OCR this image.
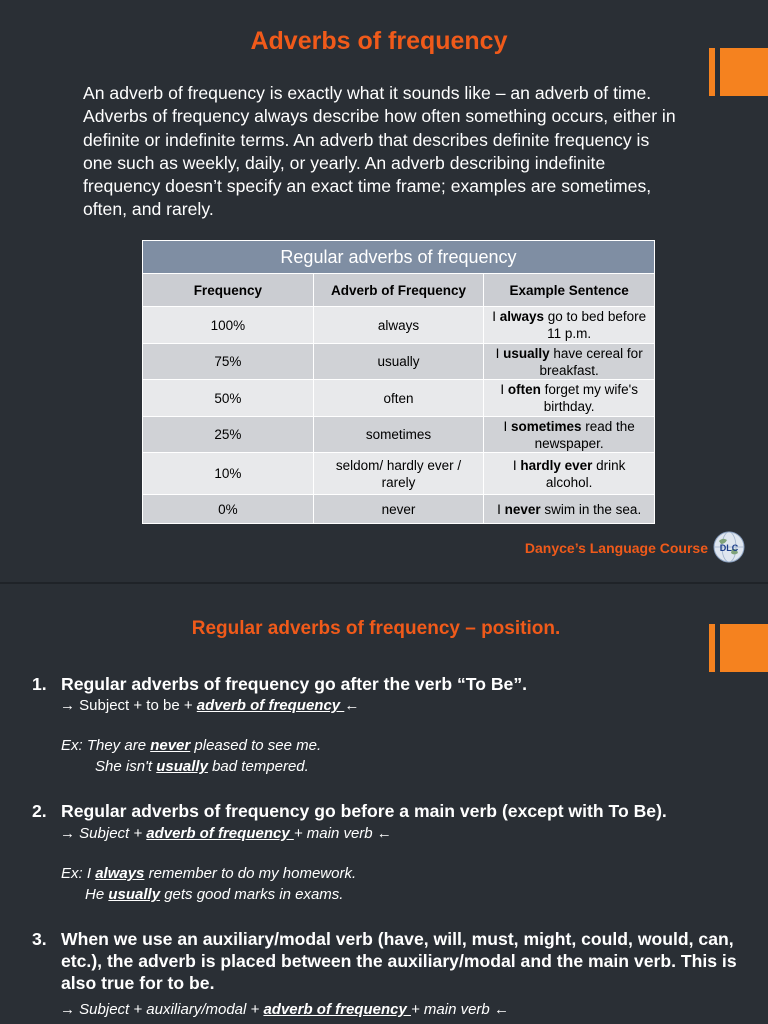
Adverbs of frequency
An adverb of frequency is exactly what it sounds like – an adverb of time. Adverbs of frequency always describe how often something occurs, either in definite or indefinite terms. An adverb that describes definite frequency is one such as weekly, daily, or yearly. An adverb describing indefinite frequency doesn’t specify an exact time frame; examples are sometimes, often, and rarely.
Regular adverbs of frequency		
Frequency	Adverb of Frequency	Example Sentence
100%	always	I always go to bed before 11 p.m.
75%	usually	I usually have cereal for breakfast.
50%	often	I often forget my wife's birthday.
25%	sometimes	I sometimes read the newspaper.
10%	seldom/ hardly ever / rarely	I hardly ever drink alcohol.
0%	never	I never swim in the sea.
Danyce’s Language Course DLC
Regular adverbs of frequency – position.
1. Regular adverbs of frequency go after the verb “To Be”.
→ Subject + to be + adverb of frequency ←
Ex: They are never pleased to see me.
She isn't usually bad tempered.
2. Regular adverbs of frequency go before a main verb (except with To Be).
→ Subject + adverb of frequency + main verb ←
Ex: I always remember to do my homework.
He usually gets good marks in exams.
3. When we use an auxiliary/modal verb (have, will, must, might, could, would, can, etc.), the adverb is placed between the auxiliary/modal and the main verb. This is also true for to be.
→ Subject + auxiliary/modal + adverb of frequency + main verb ←
